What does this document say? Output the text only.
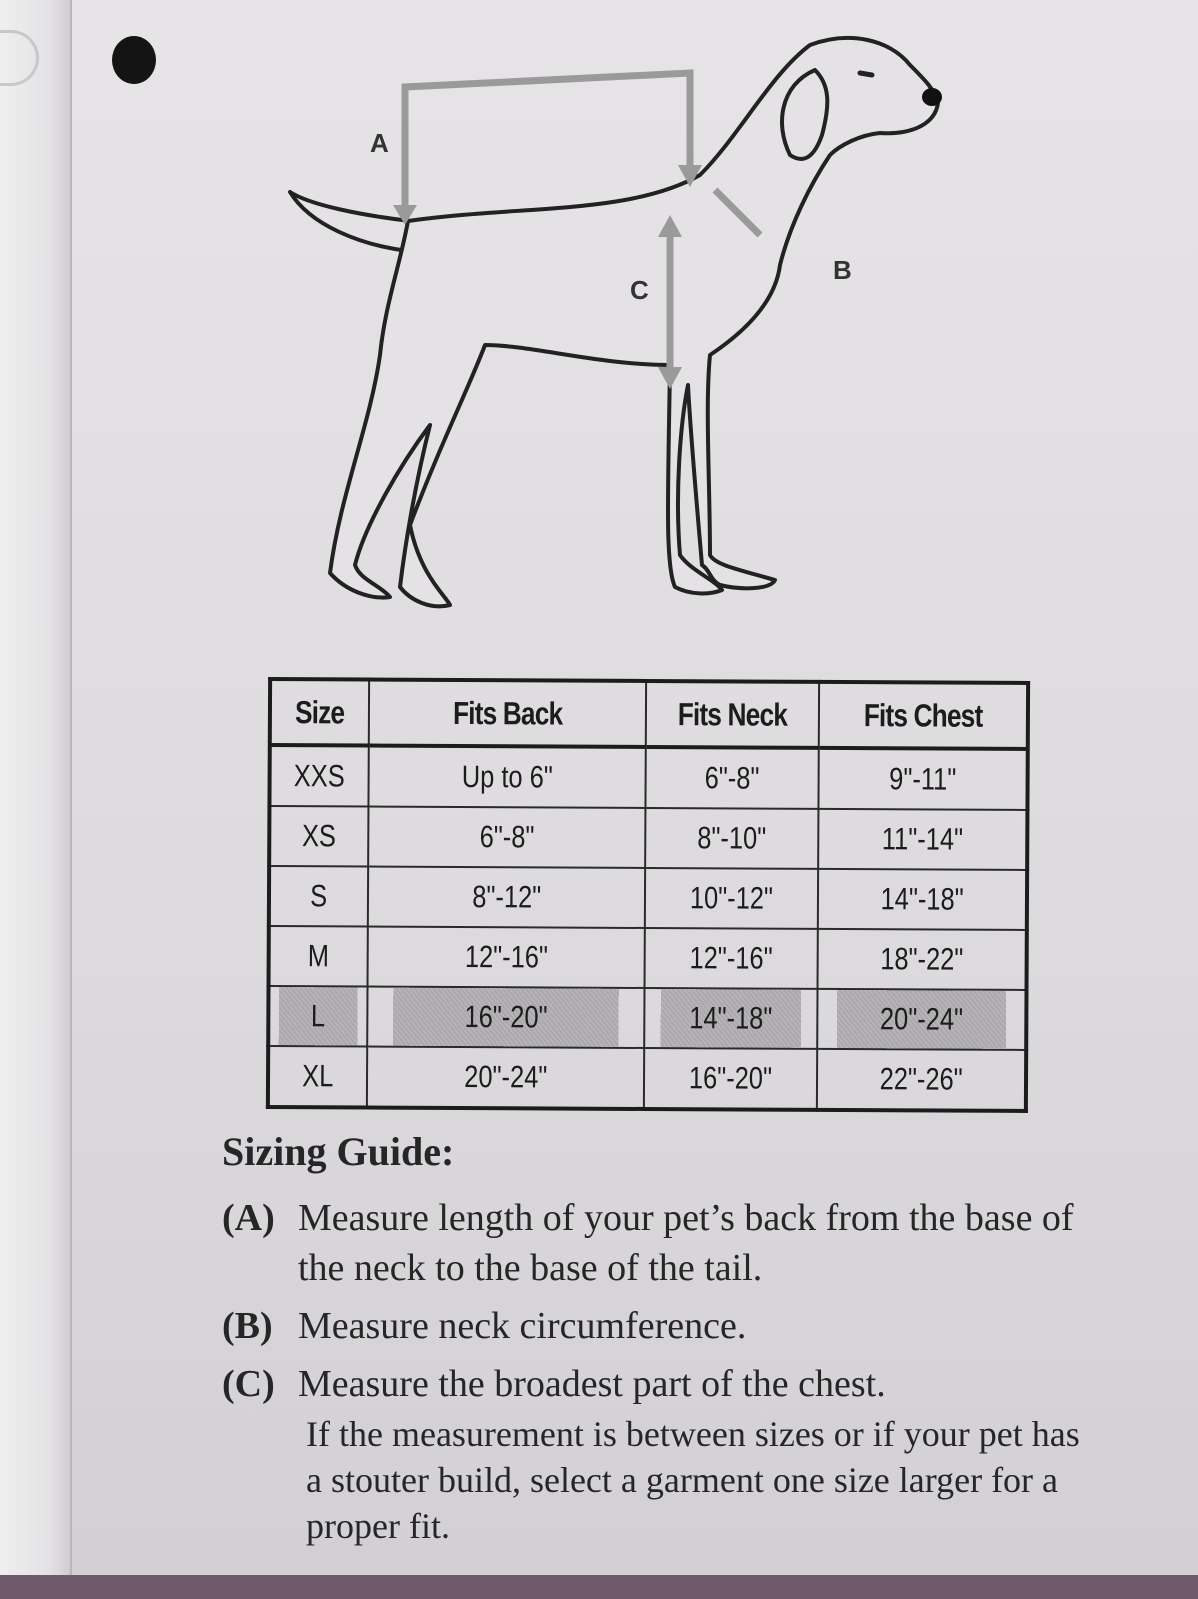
A
B
C
Size	Fits Back	Fits Neck	Fits Chest
XXS	Up to 6"	6"-8"	9"-11"
XS	6"-8"	8"-10"	11"-14"
S	8"-12"	10"-12"	14"-18"
M	12"-16"	12"-16"	18"-22"
L	16"-20"	14"-18"	20"-24"
XL	20"-24"	16"-20"	22"-26"
Sizing Guide:
(A) Measure length of your pet’s back from the base of the neck to the base of the tail.
(B) Measure neck circumference.
(C) Measure the broadest part of the chest.
If the measurement is between sizes or if your pet has a stouter build, select a garment one size larger for a proper fit.
